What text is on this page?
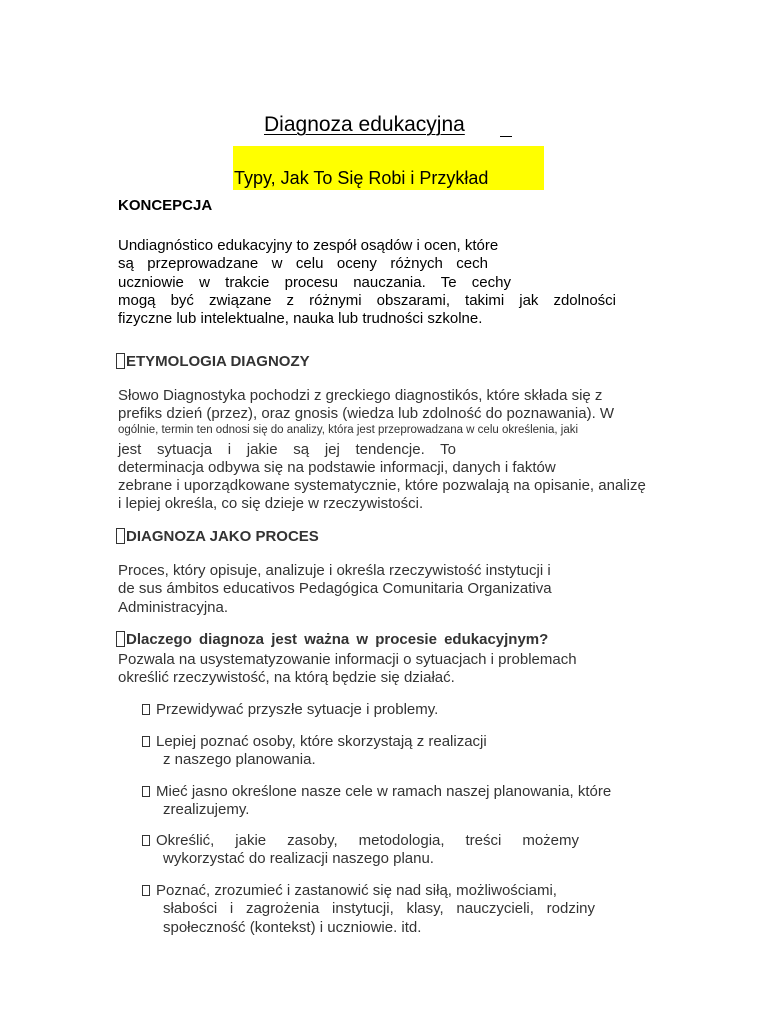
Diagnoza edukacyjna
Typy, Jak To Się Robi i Przykład
KONCEPCJA
Undiagnóstico edukacyjny to zespół osądów i ocen, które
są przeprowadzane w celu oceny różnych cech
uczniowie w trakcie procesu nauczania. Te cechy
mogą być związane z różnymi obszarami, takimi jak zdolności
fizyczne lub intelektualne, nauka lub trudności szkolne.
ETYMOLOGIA DIAGNOZY
Słowo Diagnostyka pochodzi z greckiego diagnostikós, które składa się z
prefiks dzień (przez), oraz gnosis (wiedza lub zdolność do poznawania). W
ogólnie, termin ten odnosi się do analizy, która jest przeprowadzana w celu określenia, jaki
jest sytuacja i jakie są jej tendencje. To
determinacja odbywa się na podstawie informacji, danych i faktów
zebrane i uporządkowane systematycznie, które pozwalają na opisanie, analizę
i lepiej określa, co się dzieje w rzeczywistości.
DIAGNOZA JAKO PROCES
Proces, który opisuje, analizuje i określa rzeczywistość instytucji i
de sus ámbitos educativos Pedagógica Comunitaria Organizativa
Administracyjna.
Dlaczego diagnoza jest ważna w procesie edukacyjnym?
Pozwala na usystematyzowanie informacji o sytuacjach i problemach
określić rzeczywistość, na którą będzie się działać.
Przewidywać przyszłe sytuacje i problemy.
Lepiej poznać osoby, które skorzystają z realizacji
z naszego planowania.
Mieć jasno określone nasze cele w ramach naszej planowania, które
zrealizujemy.
Określić, jakie zasoby, metodologia, treści możemy
wykorzystać do realizacji naszego planu.
Poznać, zrozumieć i zastanowić się nad siłą, możliwościami,
słabości i zagrożenia instytucji, klasy, nauczycieli, rodziny
społeczność (kontekst) i uczniowie. itd.
